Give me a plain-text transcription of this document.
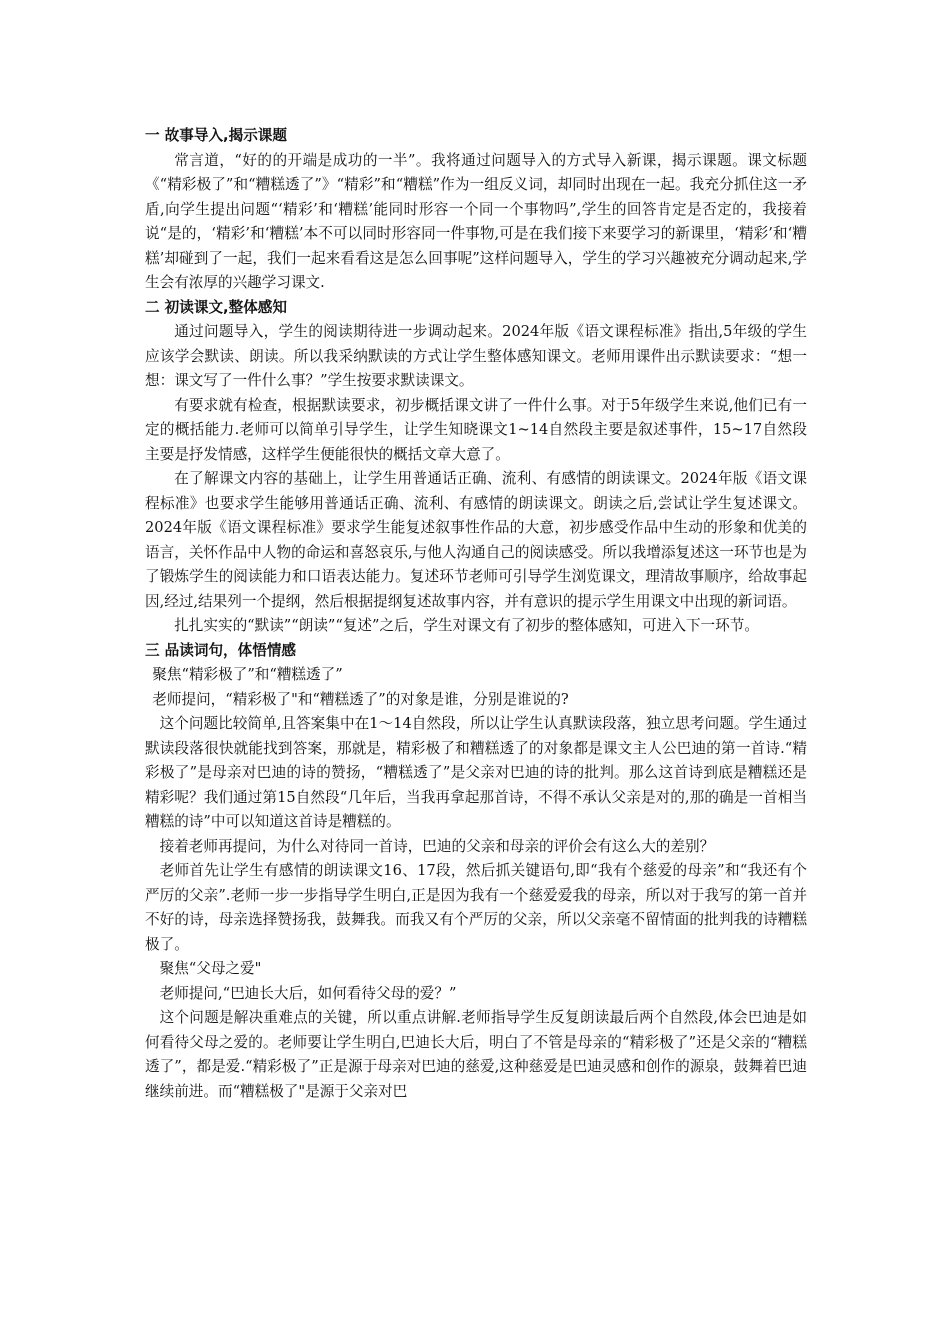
一 故事导入,揭示课题

常言道，“好的的开端是成功的一半”。我将通过问题导入的方式导入新课，揭示课题。课文标题《“精彩极了”和“糟糕透了”》“精彩”和“糟糕”作为一组反义词，却同时出现在一起。我充分抓住这一矛盾,向学生提出问题“‘精彩’和‘糟糕’能同时形容一个同一个事物吗”,学生的回答肯定是否定的，我接着说“是的，‘精彩’和‘糟糕’本不可以同时形容同一件事物,可是在我们接下来要学习的新课里，‘精彩’和‘糟糕’却碰到了一起，我们一起来看看这是怎么回事呢”这样问题导入，学生的学习兴趣被充分调动起来,学生会有浓厚的兴趣学习课文.

二 初读课文,整体感知

通过问题导入，学生的阅读期待进一步调动起来。2024年版《语文课程标准》指出,5年级的学生应该学会默读、朗读。所以我采纳默读的方式让学生整体感知课文。老师用课件出示默读要求：“想一想：课文写了一件什么事？”学生按要求默读课文。

有要求就有检查，根据默读要求，初步概括课文讲了一件什么事。对于5年级学生来说,他们已有一定的概括能力.老师可以简单引导学生，让学生知晓课文1~14自然段主要是叙述事件，15~17自然段主要是抒发情感，这样学生便能很快的概括文章大意了。

在了解课文内容的基础上，让学生用普通话正确、流利、有感情的朗读课文。2024年版《语文课程标准》也要求学生能够用普通话正确、流利、有感情的朗读课文。朗读之后,尝试让学生复述课文。2024年版《语文课程标准》要求学生能复述叙事性作品的大意，初步感受作品中生动的形象和优美的语言，关怀作品中人物的命运和喜怒哀乐,与他人沟通自己的阅读感受。所以我增添复述这一环节也是为了锻炼学生的阅读能力和口语表达能力。复述环节老师可引导学生浏览课文，理清故事顺序，给故事起因,经过,结果列一个提纲，然后根据提纲复述故事内容，并有意识的提示学生用课文中出现的新词语。

扎扎实实的“默读”“朗读”“复述”之后，学生对课文有了初步的整体感知，可进入下一环节。

三 品读词句，体悟情感

聚焦“精彩极了”和“糟糕透了”

老师提问，“精彩极了"和“糟糕透了”的对象是谁，分别是谁说的?

这个问题比较简单,且答案集中在1～14自然段，所以让学生认真默读段落，独立思考问题。学生通过默读段落很快就能找到答案，那就是，精彩极了和糟糕透了的对象都是课文主人公巴迪的第一首诗.“精彩极了”是母亲对巴迪的诗的赞扬，“糟糕透了”是父亲对巴迪的诗的批判。那么这首诗到底是糟糕还是精彩呢？我们通过第15自然段“几年后，当我再拿起那首诗，不得不承认父亲是对的,那的确是一首相当糟糕的诗”中可以知道这首诗是糟糕的。

接着老师再提问，为什么对待同一首诗，巴迪的父亲和母亲的评价会有这么大的差别？

老师首先让学生有感情的朗读课文16、17段，然后抓关键语句,即“我有个慈爱的母亲”和“我还有个严厉的父亲”.老师一步一步指导学生明白,正是因为我有一个慈爱爱我的母亲，所以对于我写的第一首并不好的诗，母亲选择赞扬我，鼓舞我。而我又有个严厉的父亲，所以父亲毫不留情面的批判我的诗糟糕极了。

聚焦“父母之爱"

老师提问,“巴迪长大后，如何看待父母的爱？”

这个问题是解决重难点的关键，所以重点讲解.老师指导学生反复朗读最后两个自然段,体会巴迪是如何看待父母之爱的。老师要让学生明白,巴迪长大后，明白了不管是母亲的“精彩极了”还是父亲的“糟糕透了”，都是爱.“精彩极了”正是源于母亲对巴迪的慈爱,这种慈爱是巴迪灵感和创作的源泉，鼓舞着巴迪继续前进。而“糟糕极了"是源于父亲对巴
